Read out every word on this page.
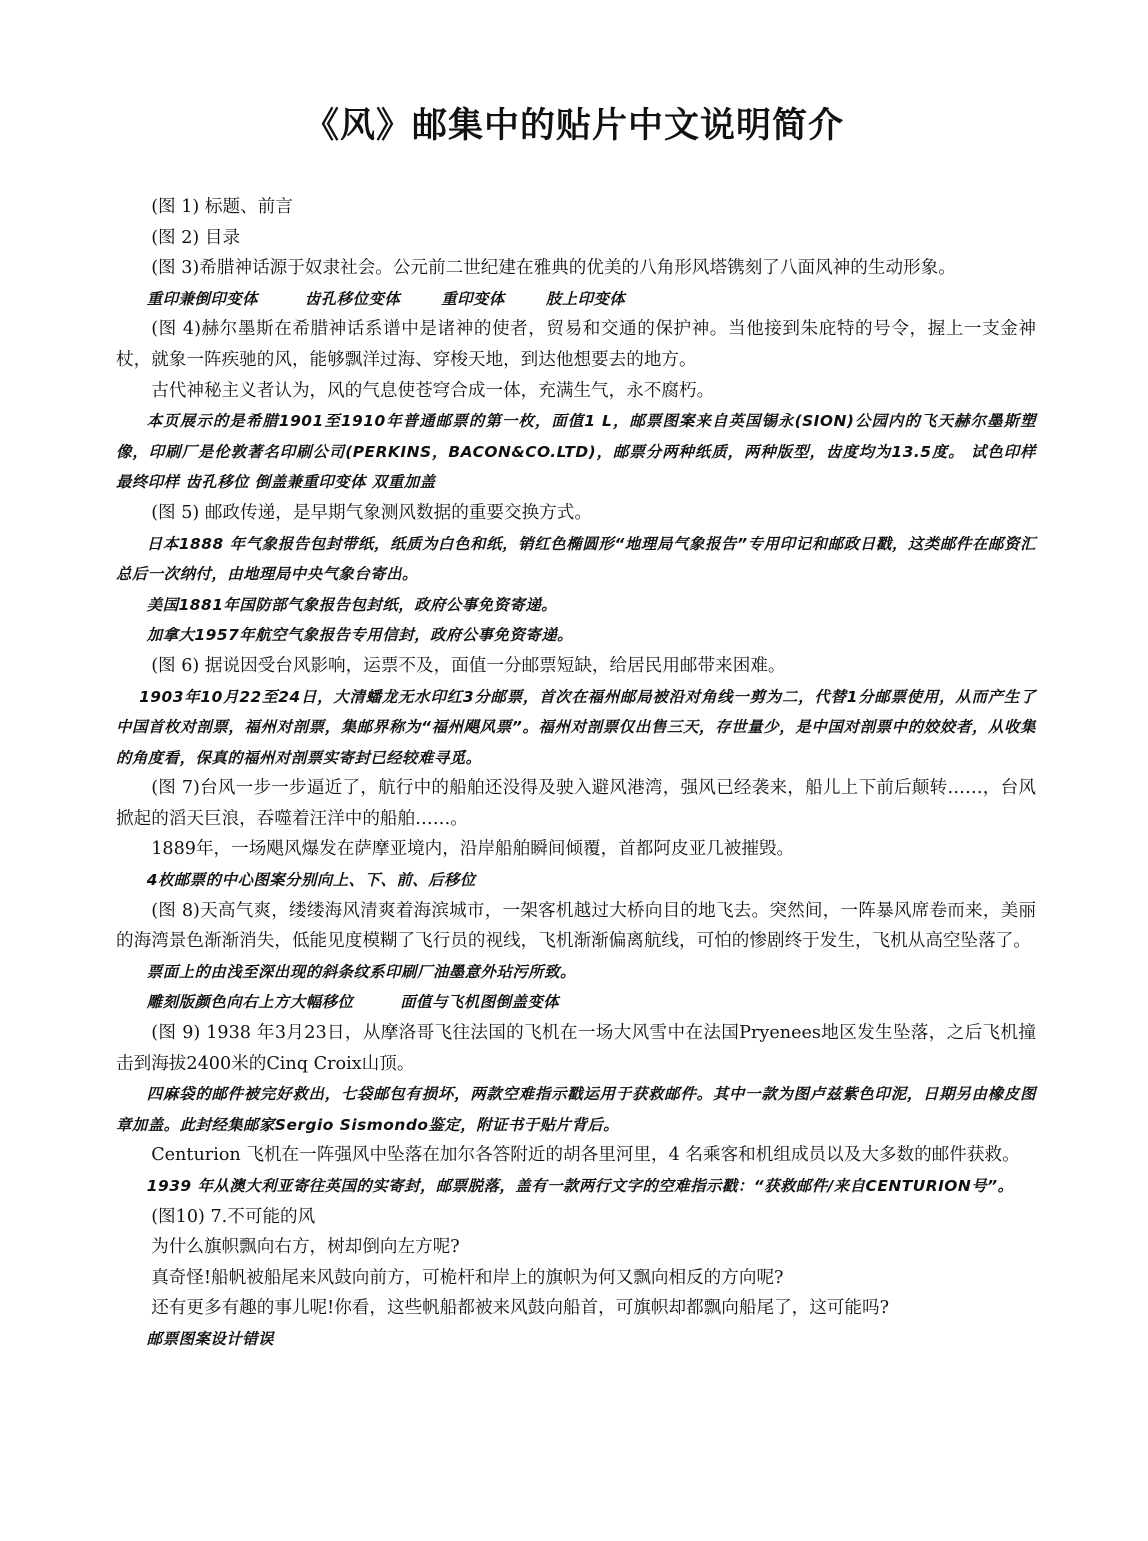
《风》邮集中的贴片中文说明简介

(图 1) 标题、前言

(图 2) 目录

(图 3)希腊神话源于奴隶社会。公元前二世纪建在雅典的优美的八角形风塔镌刻了八面风神的生动形象。

重印兼倒印变体        齿孔移位变体       重印变体       肢上印变体

(图 4)赫尔墨斯在希腊神话系谱中是诸神的使者，贸易和交通的保护神。当他接到朱庇特的号令，握上一支金神杖，就象一阵疾驰的风，能够飘洋过海、穿梭天地，到达他想要去的地方。

古代神秘主义者认为，风的气息使苍穹合成一体，充满生气，永不腐朽。

本页展示的是希腊1901至1910年普通邮票的第一枚，面值1 L，邮票图案来自英国锡永(SION)公园内的飞天赫尔墨斯塑像，印刷厂是伦敦著名印刷公司(PERKINS，BACON&CO.LTD)，邮票分两种纸质，两种版型，齿度均为13.5度。 试色印样 最终印样 齿孔移位 倒盖兼重印变体 双重加盖

(图 5) 邮政传递，是早期气象测风数据的重要交换方式。

日本1888 年气象报告包封带纸，纸质为白色和纸，销红色椭圆形“地理局气象报告”专用印记和邮政日戳，这类邮件在邮资汇总后一次纳付，由地理局中央气象台寄出。

美国1881年国防部气象报告包封纸，政府公事免资寄递。

加拿大1957年航空气象报告专用信封，政府公事免资寄递。

(图 6) 据说因受台风影响，运票不及，面值一分邮票短缺，给居民用邮带来困难。

1903年10月22至24日，大清蟠龙无水印红3分邮票，首次在福州邮局被沿对角线一剪为二，代替1分邮票使用，从而产生了中国首枚对剖票，福州对剖票，集邮界称为“福州飓风票”。福州对剖票仅出售三天，存世量少，是中国对剖票中的姣姣者，从收集的角度看，保真的福州对剖票实寄封已经较难寻觅。

(图 7)台风一步一步逼近了，航行中的船舶还没得及驶入避风港湾，强风已经袭来，船儿上下前后颠转……，台风掀起的滔天巨浪，吞噬着汪洋中的船舶……。

1889年，一场飓风爆发在萨摩亚境内，沿岸船舶瞬间倾覆，首都阿皮亚几被摧毁。

4枚邮票的中心图案分别向上、下、前、后移位

(图 8)天高气爽，缕缕海风清爽着海滨城市，一架客机越过大桥向目的地飞去。突然间，一阵暴风席卷而来，美丽的海湾景色渐渐消失，低能见度模糊了飞行员的视线，飞机渐渐偏离航线，可怕的惨剧终于发生，飞机从高空坠落了。

票面上的由浅至深出现的斜条纹系印刷厂油墨意外玷污所致。

雕刻版颜色向右上方大幅移位        面值与飞机图倒盖变体

(图 9) 1938 年3月23日，从摩洛哥飞往法国的飞机在一场大风雪中在法国Pryenees地区发生坠落，之后飞机撞击到海拔2400米的Cinq Croix山顶。

四麻袋的邮件被完好救出，七袋邮包有损坏，两款空难指示戳运用于获救邮件。其中一款为图卢兹紫色印泥，日期另由橡皮图章加盖。此封经集邮家Sergio Sismondo鉴定，附证书于贴片背后。

Centurion 飞机在一阵强风中坠落在加尔各答附近的胡各里河里，4 名乘客和机组成员以及大多数的邮件获救。

1939 年从澳大利亚寄往英国的实寄封，邮票脱落，盖有一款两行文字的空难指示戳：“获救邮件/来自CENTURION号”。

(图10) 7.不可能的风

为什么旗帜飘向右方，树却倒向左方呢?

真奇怪!船帆被船尾来风鼓向前方，可桅杆和岸上的旗帜为何又飘向相反的方向呢?

还有更多有趣的事儿呢!你看，这些帆船都被来风鼓向船首，可旗帜却都飘向船尾了，这可能吗?

邮票图案设计错误
